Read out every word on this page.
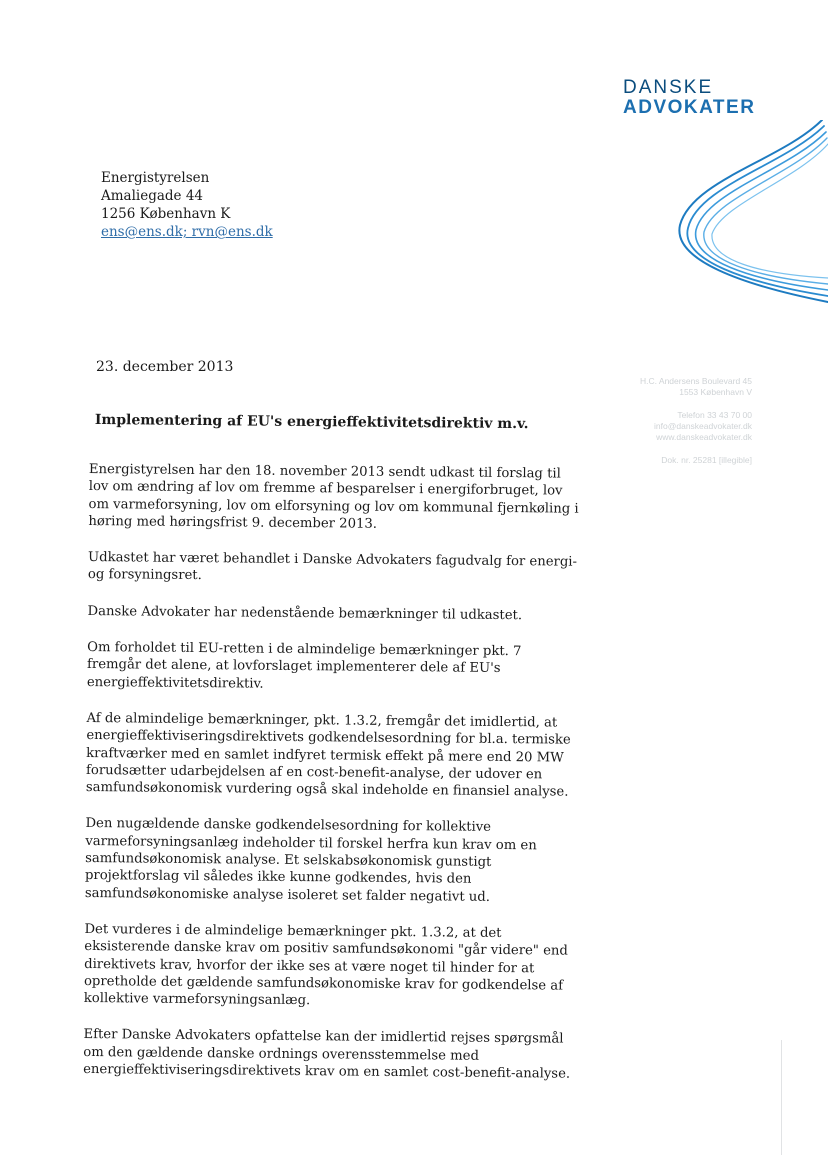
DANSKE
ADVOKATER
H.C. Andersens Boulevard 45
1553 København V
Telefon 33 43 70 00
info@danskeadvokater.dk
www.danskeadvokater.dk
Dok. nr. 25281 [illegible]
Energistyrelsen
Amaliegade 44
1256 København K
ens@ens.dk; rvn@ens.dk
23. december 2013
Implementering af EU's energieffektivitetsdirektiv m.v.

Energistyrelsen har den 18. november 2013 sendt udkast til forslag til lov om ændring af lov om fremme af besparelser i energiforbruget, lov om varmeforsyning, lov om elforsyning og lov om kommunal fjernkøling i høring med høringsfrist 9. december 2013.

Udkastet har været behandlet i Danske Advokaters fagudvalg for energi- og forsyningsret.

Danske Advokater har nedenstående bemærkninger til udkastet.

Om forholdet til EU-retten i de almindelige bemærkninger pkt. 7 fremgår det alene, at lovforslaget implementerer dele af EU's energieffektivitetsdirektiv.

Af de almindelige bemærkninger, pkt. 1.3.2, fremgår det imidlertid, at energieffektiviseringsdirektivets godkendelsesordning for bl.a. termiske kraftværker med en samlet indfyret termisk effekt på mere end 20 MW forudsætter udarbejdelsen af en cost-benefit-analyse, der udover en samfundsøkonomisk vurdering også skal indeholde en finansiel analyse.

Den nugældende danske godkendelsesordning for kollektive varmeforsyningsanlæg indeholder til forskel herfra kun krav om en samfundsøkonomisk analyse. Et selskabsøkonomisk gunstigt projektforslag vil således ikke kunne godkendes, hvis den samfundsøkonomiske analyse isoleret set falder negativt ud.

Det vurderes i de almindelige bemærkninger pkt. 1.3.2, at det eksisterende danske krav om positiv samfundsøkonomi "går videre" end direktivets krav, hvorfor der ikke ses at være noget til hinder for at opretholde det gældende samfundsøkonomiske krav for godkendelse af kollektive varmeforsyningsanlæg.

Efter Danske Advokaters opfattelse kan der imidlertid rejses spørgsmål om den gældende danske ordnings overensstemmelse med energieffektiviseringsdirektivets krav om en samlet cost-benefit-analyse.
